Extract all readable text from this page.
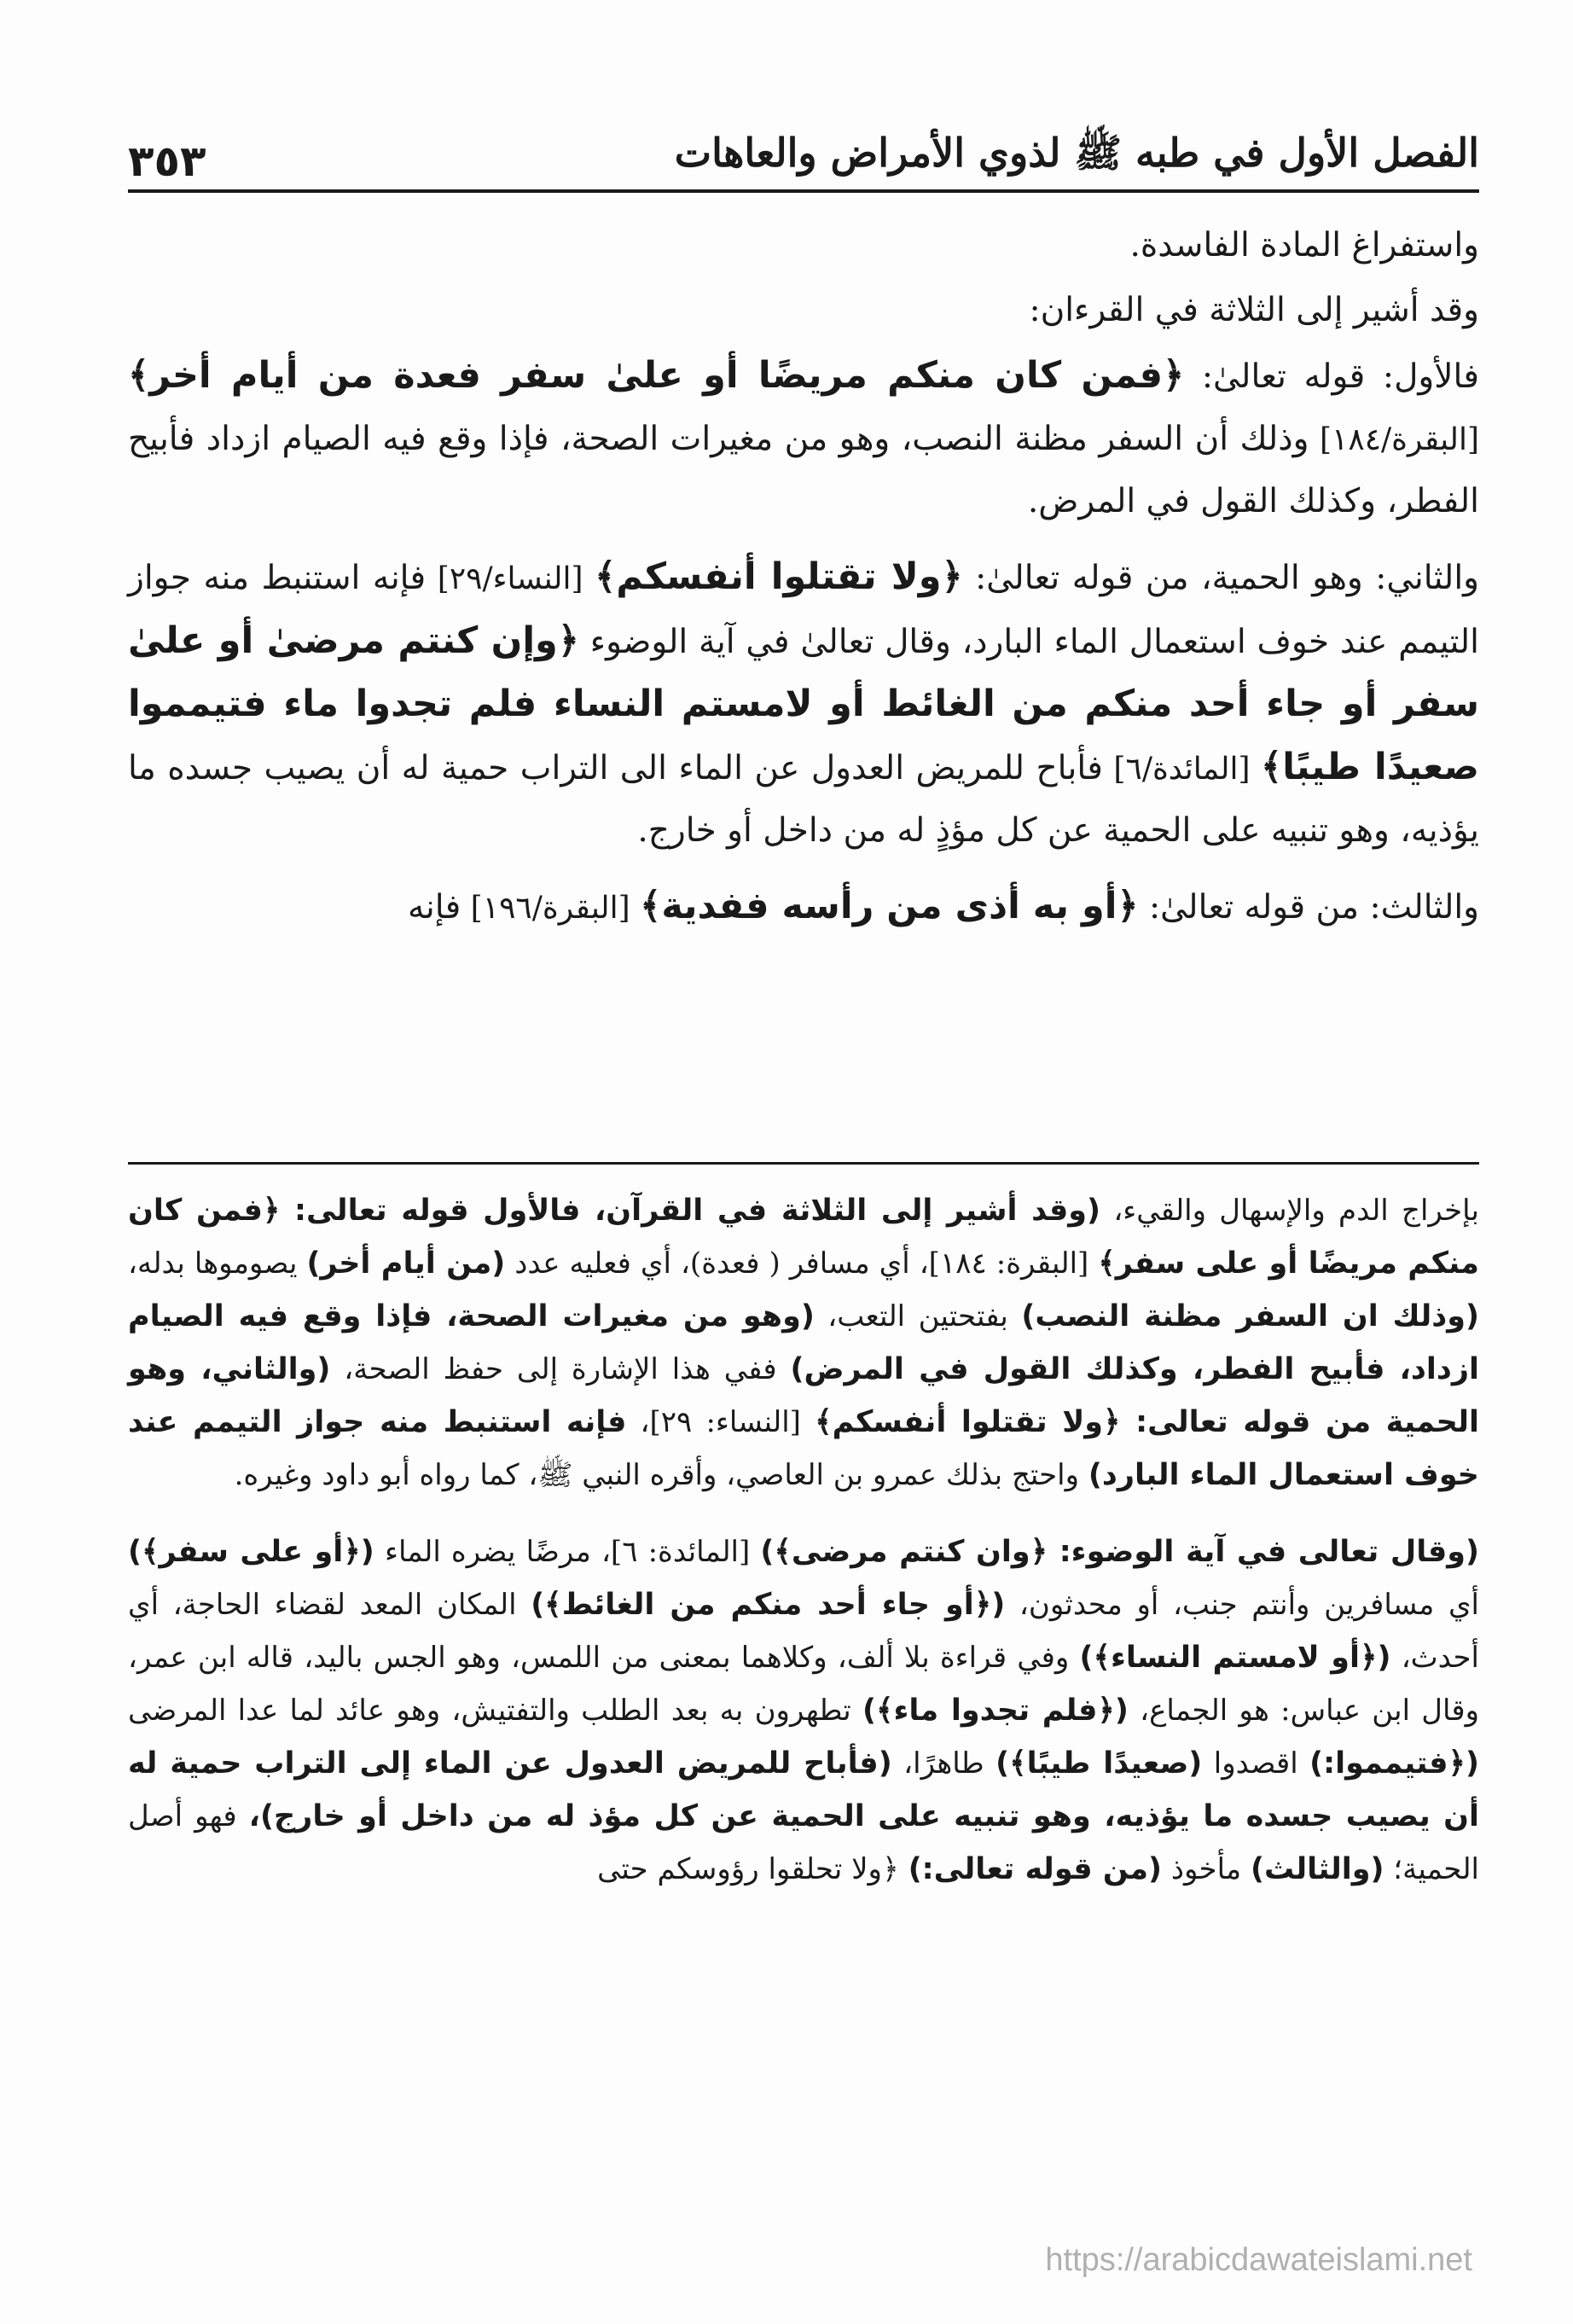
الفصل الأول في طبه ﷺ لذوي الأمراض والعاهات
٣٥٣

واستفراغ المادة الفاسدة.

وقد أشير إلى الثلاثة في القرءان:

فالأول: قوله تعالىٰ: ﴿فمن كان منكم مريضًا أو علىٰ سفر فعدة من أيام أخر﴾ [البقرة/١٨٤] وذلك أن السفر مظنة النصب، وهو من مغيرات الصحة، فإذا وقع فيه الصيام ازداد فأبيح الفطر، وكذلك القول في المرض.

والثاني: وهو الحمية، من قوله تعالىٰ: ﴿ولا تقتلوا أنفسكم﴾ [النساء/٢٩] فإنه استنبط منه جواز التيمم عند خوف استعمال الماء البارد، وقال تعالىٰ في آية الوضوء ﴿وإن كنتم مرضىٰ أو علىٰ سفر أو جاء أحد منكم من الغائط أو لامستم النساء فلم تجدوا ماء فتيمموا صعيدًا طيبًا﴾ [المائدة/٦] فأباح للمريض العدول عن الماء الى التراب حمية له أن يصيب جسده ما يؤذيه، وهو تنبيه على الحمية عن كل مؤذٍ له من داخل أو خارج.

والثالث: من قوله تعالىٰ: ﴿أو به أذى من رأسه ففدية﴾ [البقرة/١٩٦] فإنه

بإخراج الدم والإسهال والقيء، (وقد أشير إلى الثلاثة في القرآن، فالأول قوله تعالى: ﴿فمن كان منكم مريضًا أو على سفر﴾ [البقرة: ١٨٤]، أي مسافر ( فعدة)، أي فعليه عدد (من أيام أخر) يصوموها بدله، (وذلك ان السفر مظنة النصب) بفتحتين التعب، (وهو من مغيرات الصحة، فإذا وقع فيه الصيام ازداد، فأبيح الفطر، وكذلك القول في المرض) ففي هذا الإشارة إلى حفظ الصحة، (والثاني، وهو الحمية من قوله تعالى: ﴿ولا تقتلوا أنفسكم﴾ [النساء: ٢٩]، فإنه استنبط منه جواز التيمم عند خوف استعمال الماء البارد) واحتج بذلك عمرو بن العاصي، وأقره النبي ﷺ، كما رواه أبو داود وغيره.

(وقال تعالى في آية الوضوء: ﴿وان كنتم مرضى﴾) [المائدة: ٦]، مرضًا يضره الماء (﴿أو على سفر﴾) أي مسافرين وأنتم جنب، أو محدثون، (﴿أو جاء أحد منكم من الغائط﴾) المكان المعد لقضاء الحاجة، أي أحدث، (﴿أو لامستم النساء﴾) وفي قراءة بلا ألف، وكلاهما بمعنى من اللمس، وهو الجس باليد، قاله ابن عمر، وقال ابن عباس: هو الجماع، (﴿فلم تجدوا ماء﴾) تطهرون به بعد الطلب والتفتيش، وهو عائد لما عدا المرضى (﴿فتيمموا:) اقصدوا (صعيدًا طيبًا﴾) طاهرًا، (فأباح للمريض العدول عن الماء إلى التراب حمية له أن يصيب جسده ما يؤذيه، وهو تنبيه على الحمية عن كل مؤذ له من داخل أو خارج)، فهو أصل الحمية؛ (والثالث) مأخوذ (من قوله تعالى:) ﴿ولا تحلقوا رؤوسكم حتى

https://arabicdawateislami.net
